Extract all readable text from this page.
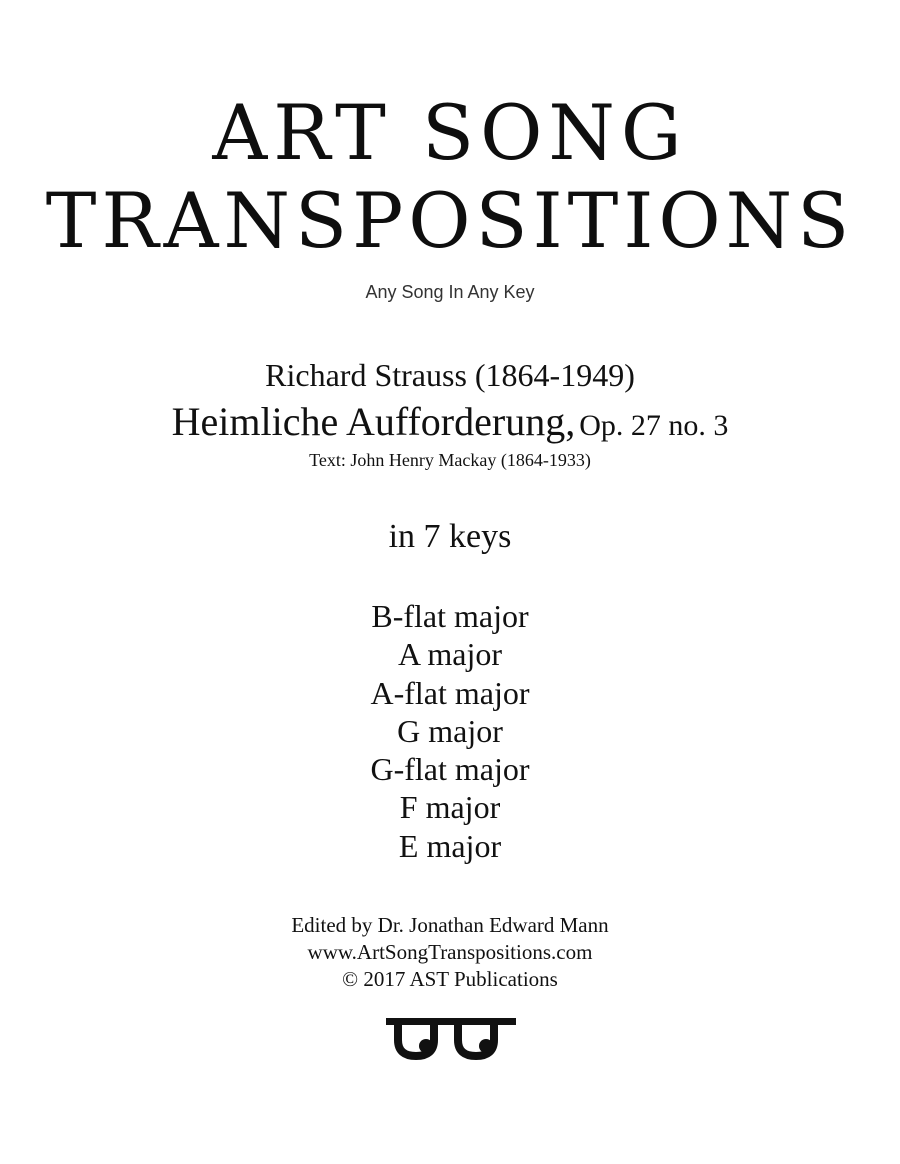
ART SONG
TRANSPOSITIONS
Any Song In Any Key
Richard Strauss (1864-1949)
Heimliche Aufforderung, Op. 27 no. 3
Text: John Henry Mackay (1864-1933)
in 7 keys
B-flat major
A major
A-flat major
G major
G-flat major
F major
E major
Edited by Dr. Jonathan Edward Mann
www.ArtSongTranspositions.com
© 2017 AST Publications
